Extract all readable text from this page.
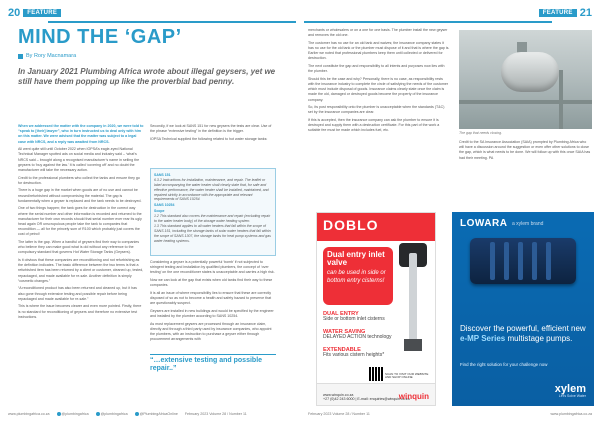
20	FEATURE
MIND THE ‘GAP’
By Rory Macnamara
In January 2021 Plumbing Africa wrote about illegal geysers, yet we still have them popping up like the proverbial bad penny.

When we addressed the matter with the company in 2020, we were told to “speak to [their] lawyer”, who in turn instructed us to deal only with him on this matter. We were advised that the matter was subject to a legal case with NRCS, and a reply was awaited from NRCS.

All went quite still until October 2022 when IOPSA’s eagle-eyed National Technical Manager spotted ads on social media and industry said – ‘what’s NRCS said – brought along a recognised manufacturer’s name in selling the geysers to ‘buy against the law.’ It is called ‘covering off’ and no doubt the manufacturer will take the necessary action.

Credit to the professional plumbers who collect the tanks and ensure they go for destruction.

There is a huge gap in the market when goods are of no use and cannot be reused/refurbished without compromising the material. The gap is fundamentally when a geyser is replaced and the tank needs to be destroyed.

One of two things happen; the tank goes for destruction in the correct way where the serial number and other information is recorded and returned to the manufacturer for their own records should that serial number ever rear its ugly head again OR unscrupulous people take the tank to companies that recondition — all for the princely sum of R100 which probably just covers the cost of petrol!

The latter is the gap. When a handful of geysers find their way to companies who believe they can make good what is old without any reference to the compulsory standard that governs Hot Water Storage Tanks (Geysers).

Is it obvious that these companies are reconditioning and not refurbishing as the definition indicates. The basic difference between the two terms is that a refurbished item has been returned by a client or customer, cleaned up, tested, repackaged, and made available for re-sale. Another definition is simply “cosmetic changes.”

“A reconditioned product has also been returned and cleaned up, but it has also gone through extensive testing and possible repair before being repackaged and made available for re-sale.”

This is where the issue becomes clearer and even more pointed. Firstly, there is no standard for reconditioning of geysers and therefore no extensive test instructions.

Secondly, if we look at SANS 151 for new geysers the tests are clear. Use of the phrase “extensive testing” in the definition is the trigger.

IOPSA Technical supplied the following related to hot water storage tanks:

SANS 151
6.3.2 Instructions for installation, maintenance, and repair. The leaflet or label accompanying the water heater shall clearly state that, for safe and effective performance, the water heater shall be installed, maintained, and repaired strictly in accordance with the appropriate and relevant requirements of SANS 10254.
SANS 10254
Scope
1.2 This standard also covers the maintenance and repair (excluding repair to the water heater body) of the storage water heating system.
1.3 This standard applies to all water heaters that fall within the scope of SANS 151, including the storage tanks of solar water heaters that fall within the scope of SANS 1307, the storage tanks for heat pump systems and gas water heating systems.

Considering a geyser is a potentially powerful ‘bomb’ if not subjected to stringent testing and installation by qualified plumbers, the concept of ‘over testing’ on the one reconditioner states is unacceptable and carries a high risk.

Now we can look at the gap that exists when old tanks find their way to these companies.

It is all an issue of where responsibility lies to ensure that these are correctly disposed of so as not to become a health and safety hazard to preserve that are questionably suspect.

Geysers are installed in new buildings and would be specified by the engineer and installed by the plumber according to SANS 10254.

As most replacement geysers are processed through an insurance claim, directly and through a third party used by insurance companies, who appoint the plumbers, with an instruction to purchase a geyser either through procurement arrangements with

“…extensive testing and possible repair..”
www.plumbingafrica.co.za	@plumbingafrica	@plumbingafrica	@PlumbingAfricaOnline February 2023 Volume 28 / Number 11
FEATURE 21

merchants or wholesalers or on a one for one basis. The plumber install the new geyser and removes the old one.

The customer has no use for an old tank and waives; the insurance company states it has no use for the old tank or the plumber must dispose of it and that is where the gap is. Earlier we noted that professional plumbers keep them until collected or delivered for destruction.

The next constitute the gap and responsibility to all intents and purposes now lies with the plumber.

Should this be the case and why? Personally, there is no case, as responsibility rests with the insurance industry to complete the circle of satisfying the needs of the customer which must include disposal of goods. Insurance claims clearly state once the claim is made the old, damaged or destroyed goods become the property of the insurance company.

So, its post responsibility onto the plumber is unacceptable when the standards (T&C) set by the insurance companies are clear.

If this is accepted, then the insurance company can ask the plumber to ensure it is destroyed and supply them with a destruction certificate. For this part of the work a suitable fee must be made which includes fuel, etc.

The gap that needs closing.

Credit to the SA Insurance Association (SAIA) prompted by Plumbing Africa who will have a discussion around the suggestion or even offer other solutions to close the gap, which is what needs to be done. We will follow up with this once SAIA has had their meeting. PA

DOBLO
Dual entry inlet valve
can be used in side or bottom entry cisterns!
DUAL ENTRY
Side or bottom inlet cisterns
WATER SAVING
DELAYED ACTION technology
EXTENDABLE
Fits various cistern heights*
SCAN TO VISIT OUR WEBSITE AND SHOP ONLINE
www.winquin.co.za
+27 (0)42 243 6000 | E-mail: enquiries@winquin.co.za
winquin
LOWARA a xylem brand
Discover the powerful, efficient new e-MP Series multistage pumps.
Find the right solution for your challenge now
xylem
Let's Solve Water
February 2023 Volume 28 / Number 11	www.plumbingafrica.co.za
